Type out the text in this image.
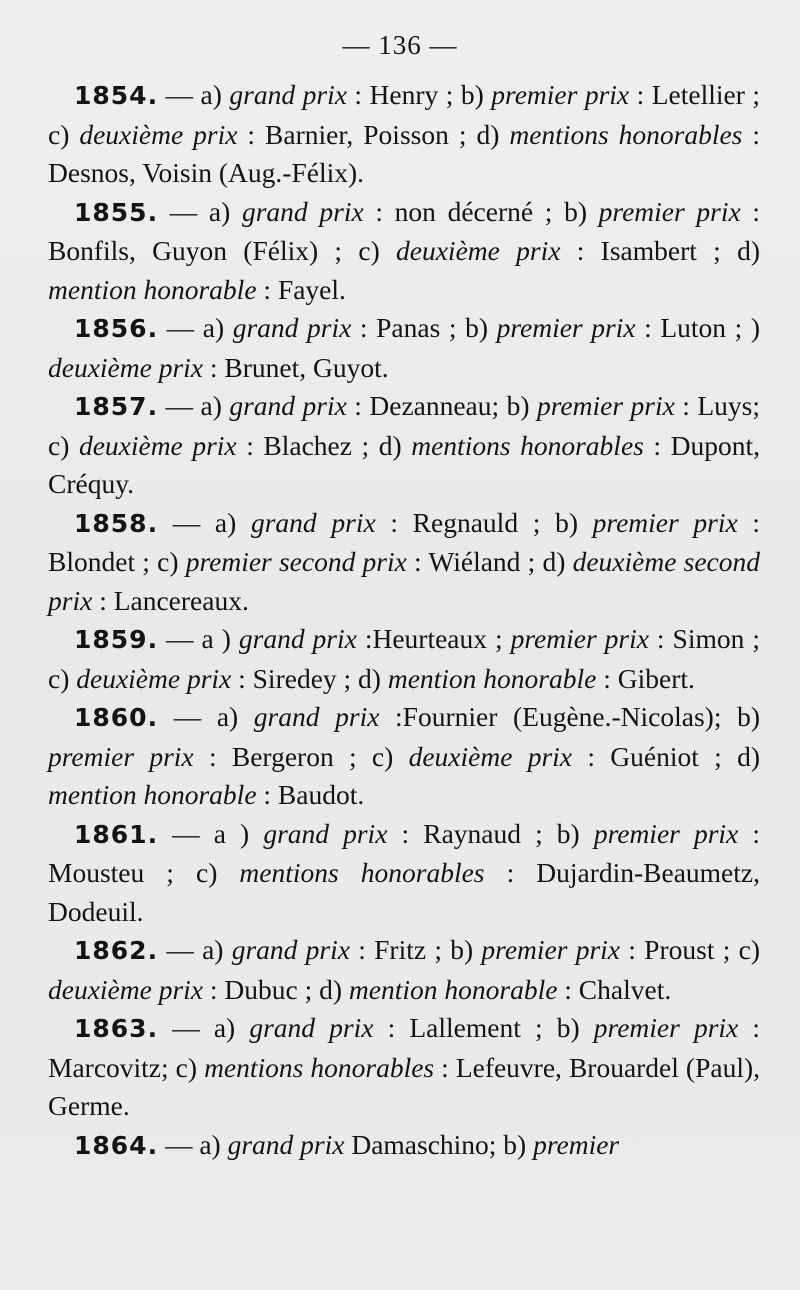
— 136 —

1854. — a) grand prix : Henry ; b) premier prix : Letellier ; c) deuxième prix : Barnier, Poisson ; d) mentions honorables : Desnos, Voisin (Aug.-Félix).

1855. — a) grand prix : non décerné ; b) premier prix : Bonfils, Guyon (Félix) ; c) deuxième prix : Isambert ; d) mention honorable : Fayel.

1856. — a) grand prix : Panas ; b) premier prix : Luton ; ) deuxième prix : Brunet, Guyot.

1857. — a) grand prix : Dezanneau; b) premier prix : Luys; c) deuxième prix : Blachez ; d) mentions honorables : Dupont, Créquy.

1858. — a) grand prix : Regnauld ; b) premier prix : Blondet ; c) premier second prix : Wiéland ; d) deuxième second prix : Lancereaux.

1859. — a ) grand prix :Heurteaux ; premier prix : Simon ; c) deuxième prix : Siredey ; d) mention honorable : Gibert.

1860. — a) grand prix :Fournier (Eugène.-Nicolas); b) premier prix : Bergeron ; c) deuxième prix : Guéniot ; d) mention honorable : Baudot.

1861. — a ) grand prix : Raynaud ; b) premier prix : Mousteu ; c) mentions honorables : Dujardin-Beaumetz, Dodeuil.

1862. — a) grand prix : Fritz ; b) premier prix : Proust ; c) deuxième prix : Dubuc ; d) mention honorable : Chalvet.

1863. — a) grand prix : Lallement ; b) premier prix : Marcovitz; c) mentions honorables : Lefeuvre, Brouardel (Paul), Germe.

1864. — a) grand prix Damaschino; b) premier
